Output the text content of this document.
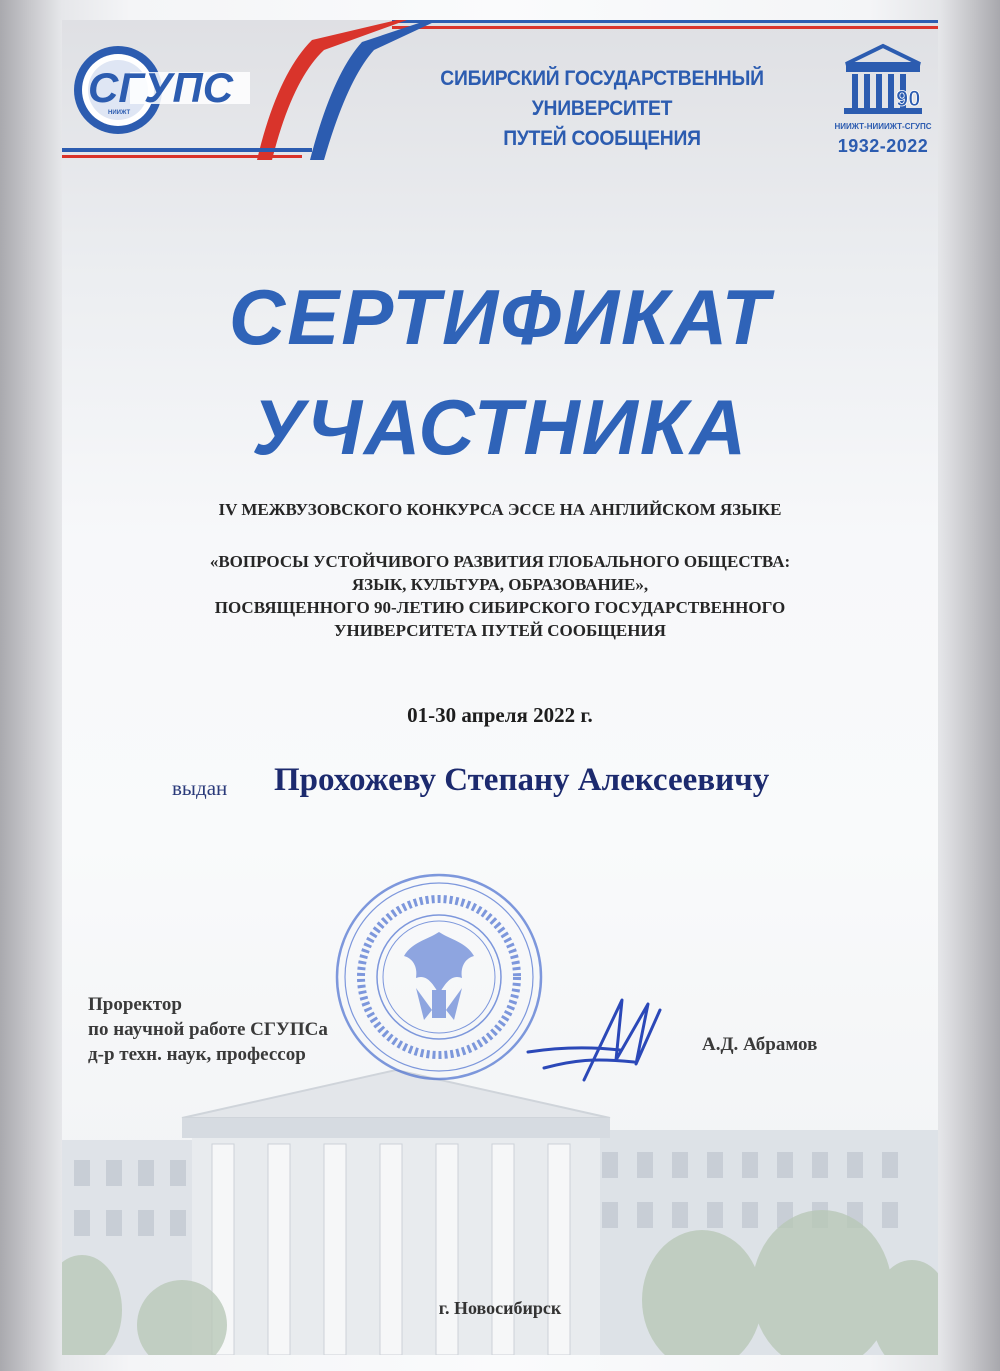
СГУПС
НИИЖТ
СИБИРСКИЙ ГОСУДАРСТВЕННЫЙ УНИВЕРСИТЕТ
ПУТЕЙ СООБЩЕНИЯ
90
НИИЖТ-НИИИЖТ-СГУПС
1932-2022
СЕРТИФИКАТ
УЧАСТНИКА
IV МЕЖВУЗОВСКОГО КОНКУРСА ЭССЕ НА АНГЛИЙСКОМ ЯЗЫКЕ
«ВОПРОСЫ УСТОЙЧИВОГО РАЗВИТИЯ ГЛОБАЛЬНОГО ОБЩЕСТВА:
ЯЗЫК, КУЛЬТУРА, ОБРАЗОВАНИЕ»,
ПОСВЯЩЕННОГО 90-ЛЕТИЮ СИБИРСКОГО ГОСУДАРСТВЕННОГО
УНИВЕРСИТЕТА ПУТЕЙ СООБЩЕНИЯ
01-30 апреля 2022 г.
выдан Прохожеву Степану Алексеевичу
Проректор
по научной работе СГУПСа
д-р техн. наук, профессор	А.Д. Абрамов
г. Новосибирск
